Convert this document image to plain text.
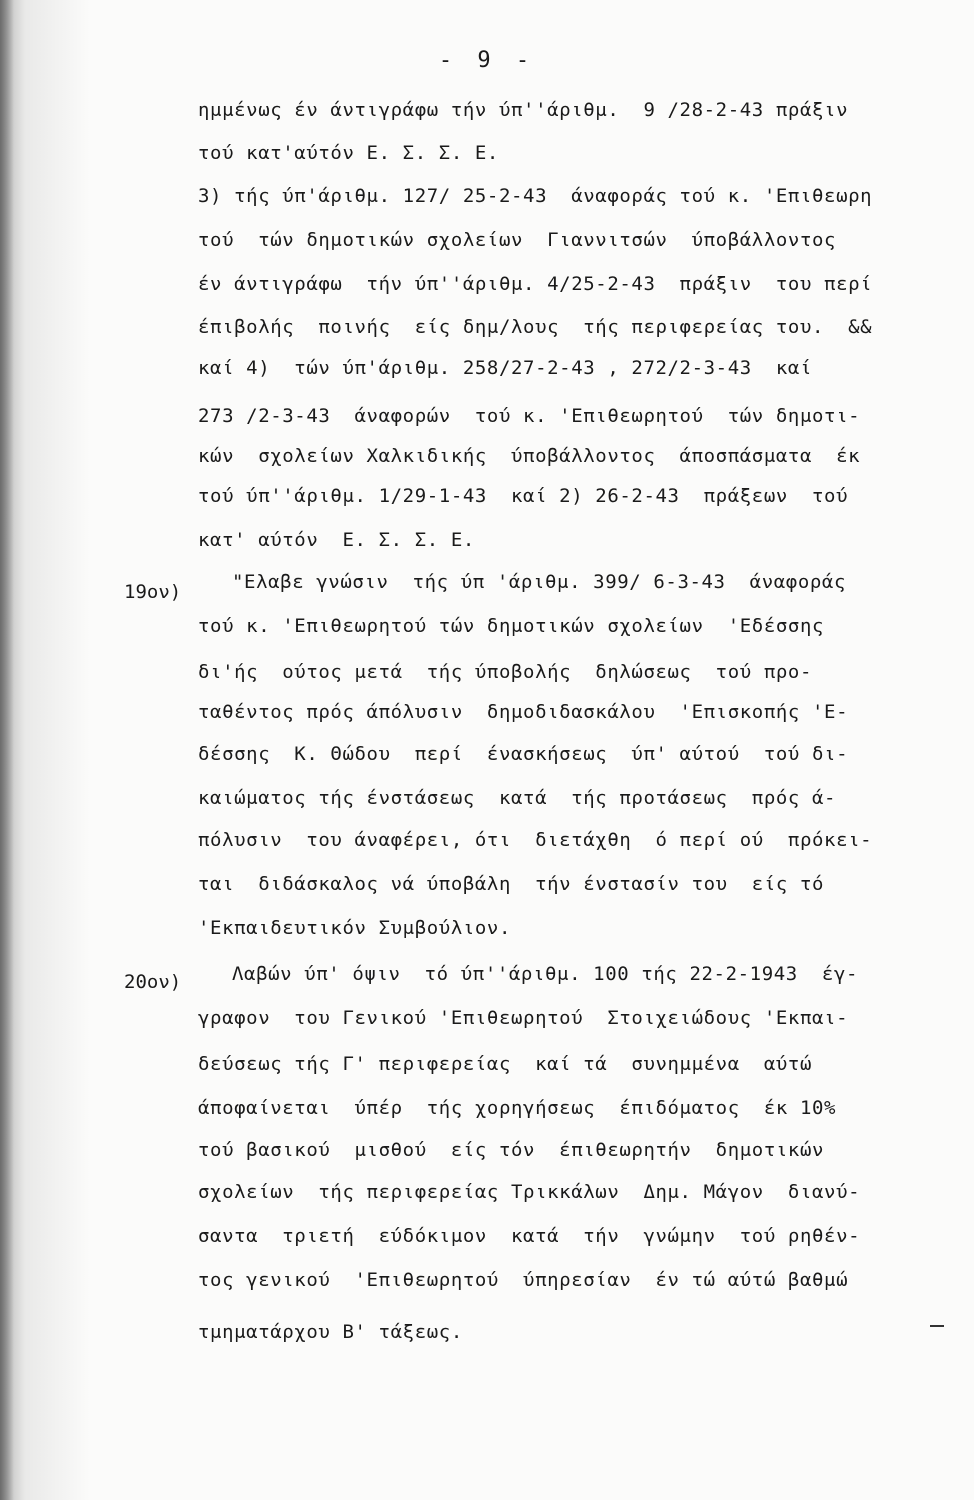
- 9 -
ημμένως έν άντιγράφω τήν ύπ''άριθμ.  9 /28-2-43 πράξιν
τού κατ'αύτόν Ε. Σ. Σ. Ε.
3) τής ύπ'άριθμ. 127/ 25-2-43  άναφοράς τού κ. 'Επιθεωρη
τού  τών δημοτικών σχολείων  Γιαννιτσών  ύποβάλλοντος
έν άντιγράφω  τήν ύπ''άριθμ. 4/25-2-43  πράξιν  του περί
έπιβολής  ποινής  είς δημ/λους  τής περιφερείας του.  &&
καί 4)  τών ύπ'άριθμ. 258/27-2-43 , 272/2-3-43  καί
273 /2-3-43  άναφορών  τού κ. 'Επιθεωρητού  τών δημοτι-
κών  σχολείων Χαλκιδικής  ύποβάλλοντος  άποσπάσματα  έκ
τού ύπ''άριθμ. 1/29-1-43  καί 2) 26-2-43  πράξεων  τού
κατ' αύτόν  Ε. Σ. Σ. Ε.
19ον)	"Ελαβε γνώσιν  τής ύπ 'άριθμ. 399/ 6-3-43  άναφοράς
τού κ. 'Επιθεωρητού τών δημοτικών σχολείων  'Εδέσσης
δι'ής  ούτος μετά  τής ύποβολής  δηλώσεως  τού προ-
ταθέντος πρός άπόλυσιν  δημοδιδασκάλου  'Επισκοπής 'Ε-
δέσσης  Κ. Θώδου  περί  ένασκήσεως  ύπ' αύτού  τού δι-
καιώματος τής ένστάσεως  κατά  τής προτάσεως  πρός ά-
πόλυσιν  του άναφέρει, ότι  διετάχθη  ό περί ού  πρόκει-
ται  διδάσκαλος νά ύποβάλη  τήν ένστασίν του  είς τό
'Εκπαιδευτικόν Συμβούλιον.
20ον)	Λαβών ύπ' όψιν  τό ύπ''άριθμ. 100 τής 22-2-1943  έγ-
γραφον  του Γενικού 'Επιθεωρητού  Στοιχειώδους 'Εκπαι-
δεύσεως τής Γ' περιφερείας  καί τά  συνημμένα  αύτώ
άποφαίνεται  ύπέρ  τής χορηγήσεως  έπιδόματος  έκ 10%
τού βασικού  μισθού  είς τόν  έπιθεωρητήν  δημοτικών
σχολείων  τής περιφερείας Τρικκάλων  Δημ. Μάγον  διανύ-
σαντα  τριετή  εύδόκιμον  κατά  τήν  γνώμην  τού ρηθέν-
τος γενικού  'Επιθεωρητού  ύπηρεσίαν  έν τώ αύτώ βαθμώ
τμηματάρχου Β' τάξεως.
